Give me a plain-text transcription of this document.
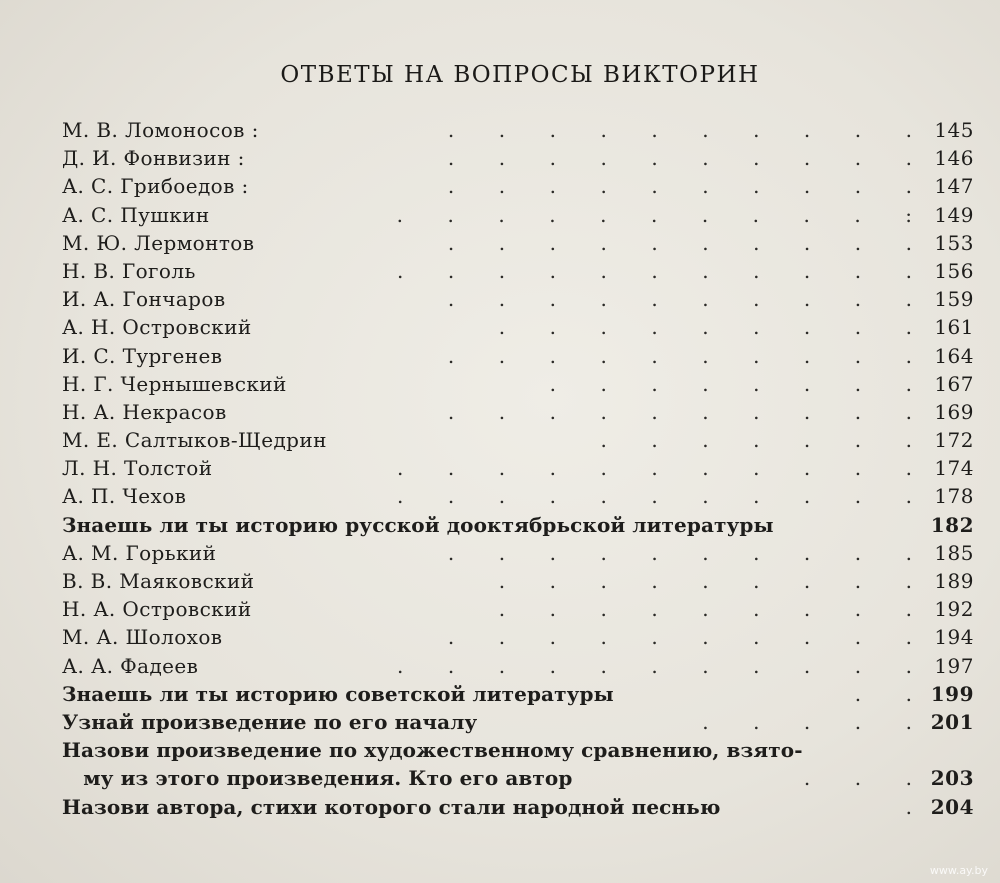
ОТВЕТЫ НА ВОПРОСЫ ВИКТОРИН
М. В. Ломоносов :	.       .       .       .       .       .       .       .       .       . 145
Д. И. Фонвизин :	.       .       .       .       .       .       .       .       .       . 146
А. С. Грибоедов :	.       .       .       .       .       .       .       .       .       . 147
А. С. Пушкин	.       .       .       .       .       .       .       .       .       .       : 149
М. Ю. Лермонтов	.       .       .       .       .       .       .       .       .       . 153
Н. В. Гоголь	.       .       .       .       .       .       .       .       .       .       . 156
И. А. Гончаров	.       .       .       .       .       .       .       .       .       . 159
А. Н. Островский	.       .       .       .       .       .       .       .       . 161
И. С. Тургенев	.       .       .       .       .       .       .       .       .       . 164
Н. Г. Чернышевский	.       .       .       .       .       .       .       . 167
Н. А. Некрасов	.       .       .       .       .       .       .       .       .       . 169
М. Е. Салтыков-Щедрин	.       .       .       .       .       .       . 172
Л. Н. Толстой	.       .       .       .       .       .       .       .       .       .       . 174
А. П. Чехов	.       .       .       .       .       .       .       .       .       .       . 178
Знаешь ли ты историю русской дооктябрьской литературы	182
А. М. Горький	.       .       .       .       .       .       .       .       .       . 185
В. В. Маяковский	.       .       .       .       .       .       .       .       . 189
Н. А. Островский	.       .       .       .       .       .       .       .       . 192
М. А. Шолохов	.       .       .       .       .       .       .       .       .       . 194
А. А. Фадеев	.       .       .       .       .       .       .       .       .       .       . 197
Знаешь ли ты историю советской литературы	.       . 199
Узнай произведение по его началу	.       .       .       .       . 201
Назови произведение по художественному сравнению, взято-
му из этого произведения. Кто его автор	.       .       . 203
Назови автора, стихи которого стали народной песнью	. 204
www.ay.by
